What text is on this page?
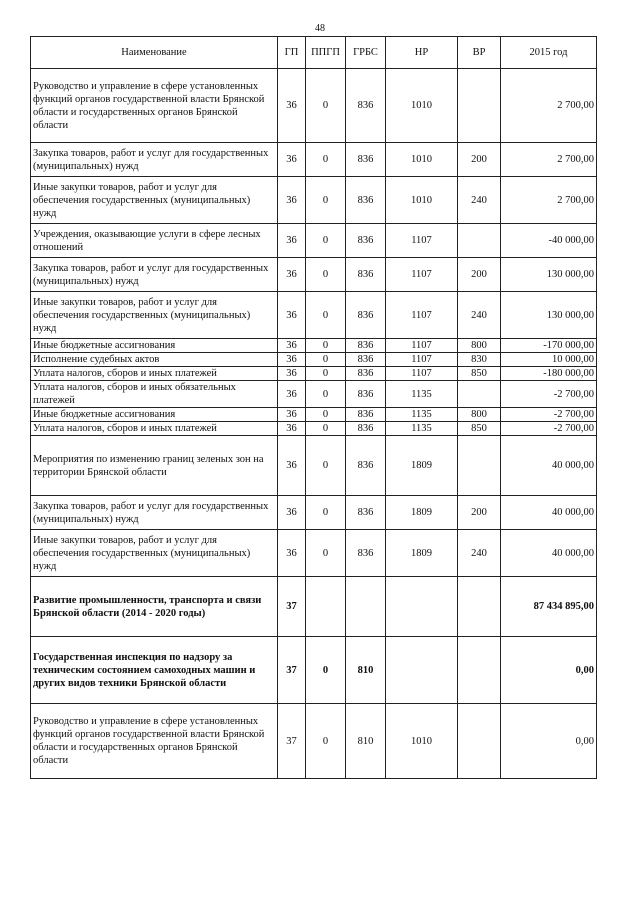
48
Наименование	ГП	ППГП	ГРБС	НР	ВР	2015 год
Руководство и управление в сфере установленных функций органов государственной власти Брянской области и государственных органов Брянской области	36	0	836	1010		2 700,00
Закупка товаров, работ и услуг для государственных (муниципальных) нужд	36	0	836	1010	200	2 700,00
Иные закупки товаров, работ и услуг для обеспечения государственных (муниципальных) нужд	36	0	836	1010	240	2 700,00
Учреждения, оказывающие услуги в сфере лесных отношений	36	0	836	1107		-40 000,00
Закупка товаров, работ и услуг для государственных (муниципальных) нужд	36	0	836	1107	200	130 000,00
Иные закупки товаров, работ и услуг для обеспечения государственных (муниципальных) нужд	36	0	836	1107	240	130 000,00
Иные бюджетные ассигнования	36	0	836	1107	800	-170 000,00
Исполнение судебных актов	36	0	836	1107	830	10 000,00
Уплата налогов, сборов и иных платежей	36	0	836	1107	850	-180 000,00
Уплата налогов, сборов и иных обязательных платежей	36	0	836	1135		-2 700,00
Иные бюджетные ассигнования	36	0	836	1135	800	-2 700,00
Уплата налогов, сборов и иных платежей	36	0	836	1135	850	-2 700,00
Мероприятия по изменению границ зеленых зон на территории Брянской области	36	0	836	1809		40 000,00
Закупка товаров, работ и услуг для государственных (муниципальных) нужд	36	0	836	1809	200	40 000,00
Иные закупки товаров, работ и услуг для обеспечения государственных (муниципальных) нужд	36	0	836	1809	240	40 000,00
Развитие промышленности, транспорта и связи Брянской области (2014 - 2020 годы)	37					87 434 895,00
Государственная инспекция по надзору за техническим состоянием самоходных машин и других видов техники Брянской области	37	0	810			0,00
Руководство и управление в сфере установленных функций органов государственной власти Брянской области и государственных органов Брянской области	37	0	810	1010		0,00
